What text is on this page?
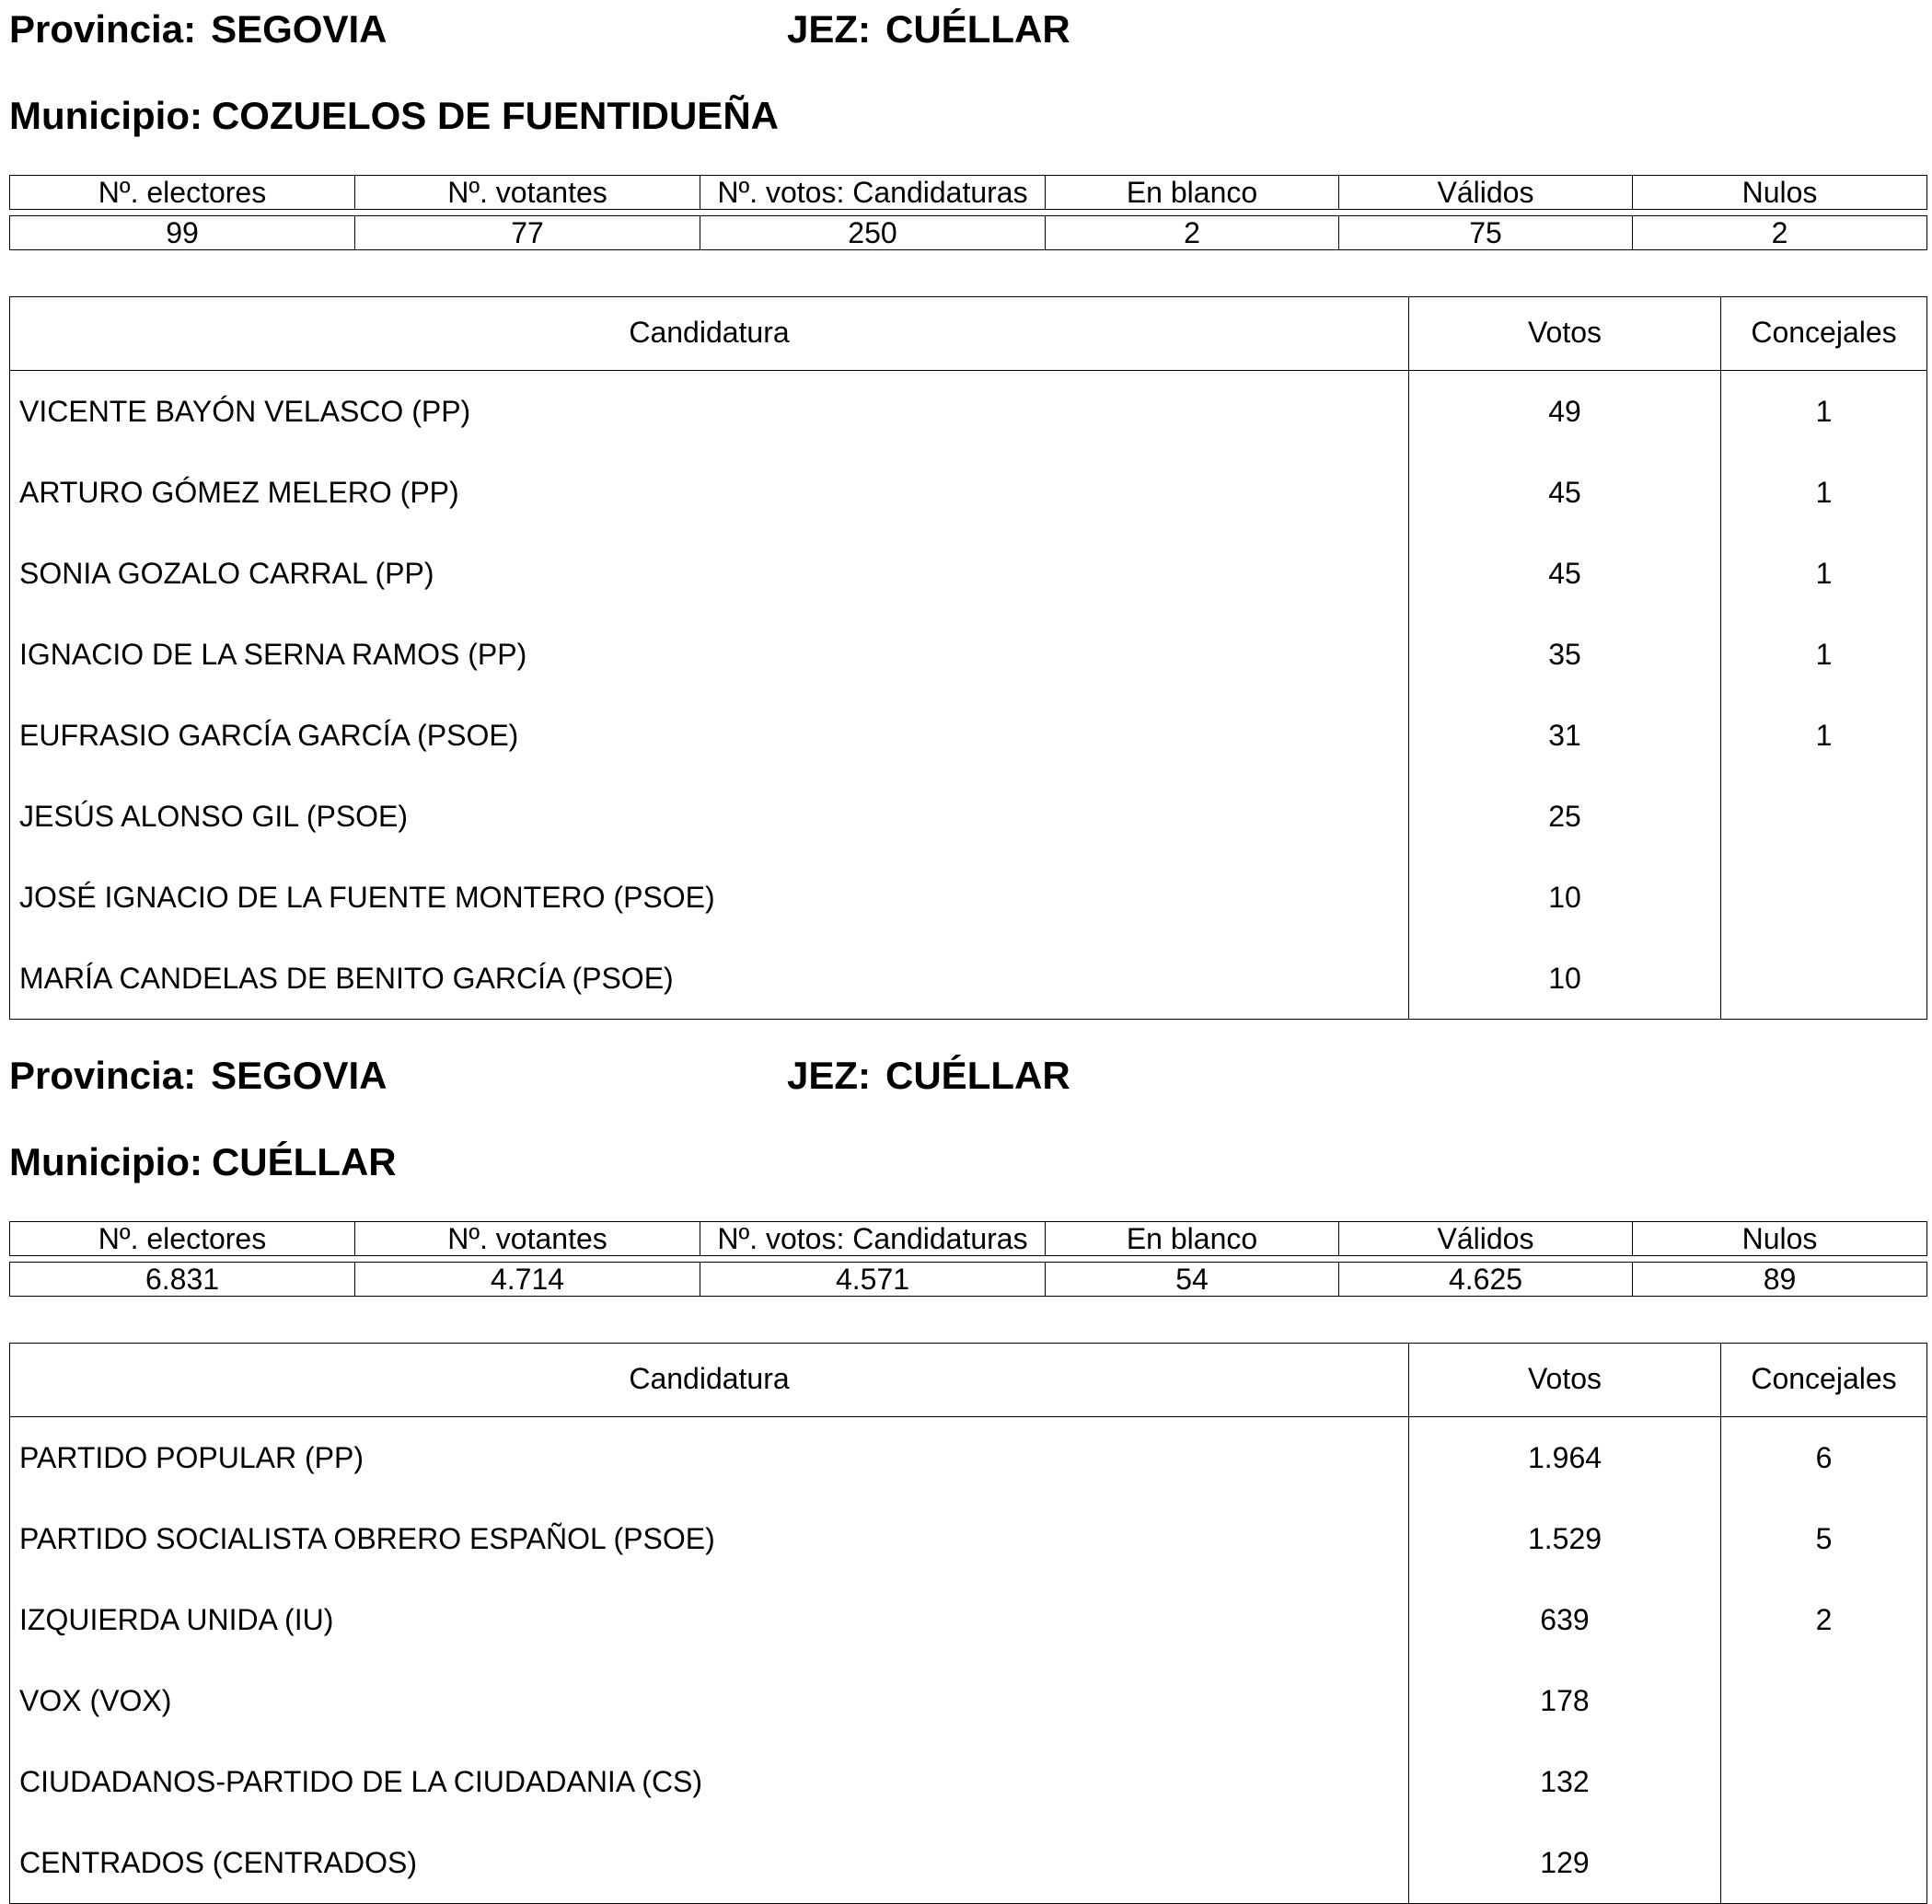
Provincia: SEGOVIA	JEZ: CUÉLLAR
Municipio: COZUELOS DE FUENTIDUEÑA
Nº. electores	Nº. votantes	Nº. votos: Candidaturas	En blanco	Válidos	Nulos

99	77	250	2	75	2
Candidatura	Votos	Concejales
VICENTE BAYÓN VELASCO (PP)	49	1
ARTURO GÓMEZ MELERO (PP)	45	1
SONIA GOZALO CARRAL (PP)	45	1
IGNACIO DE LA SERNA RAMOS (PP)	35	1
EUFRASIO GARCÍA GARCÍA (PSOE)	31	1
JESÚS ALONSO GIL (PSOE)	25	
JOSÉ IGNACIO DE LA FUENTE MONTERO (PSOE)	10	
MARÍA CANDELAS DE BENITO GARCÍA (PSOE)	10	
Provincia: SEGOVIA	JEZ: CUÉLLAR
Municipio: CUÉLLAR
Nº. electores	Nº. votantes	Nº. votos: Candidaturas	En blanco	Válidos	Nulos

6.831	4.714	4.571	54	4.625	89
Candidatura	Votos	Concejales
PARTIDO POPULAR (PP)	1.964	6
PARTIDO SOCIALISTA OBRERO ESPAÑOL (PSOE)	1.529	5
IZQUIERDA UNIDA (IU)	639	2
VOX (VOX)	178	
CIUDADANOS-PARTIDO DE LA CIUDADANIA (CS)	132	
CENTRADOS (CENTRADOS)	129	
